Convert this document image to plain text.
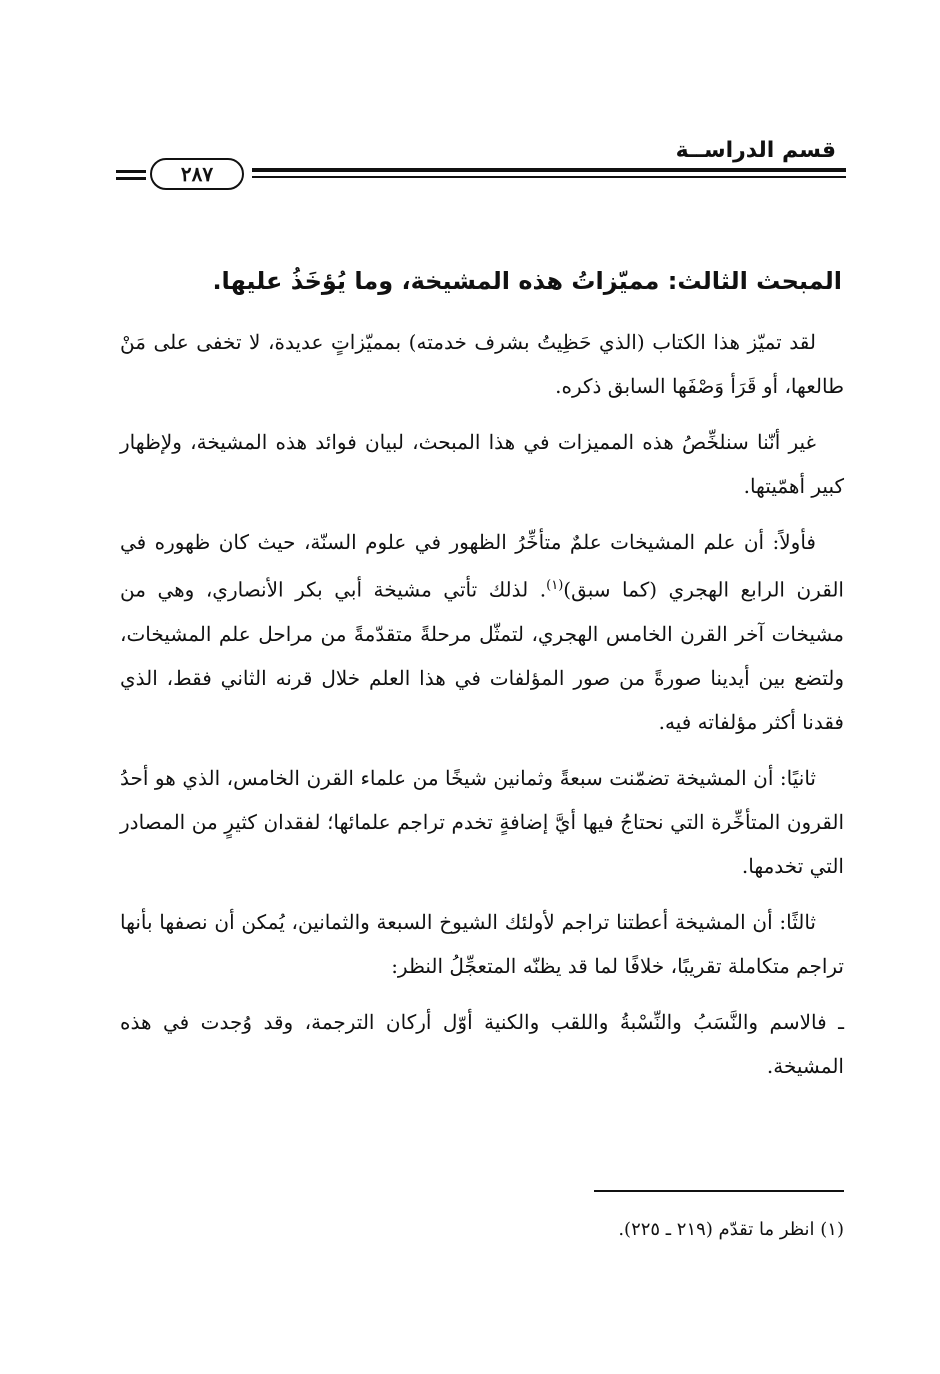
قسم الدراســة
٢٨٧
المبحث الثالث: مميّزاتُ هذه المشيخة، وما يُؤخَذُ عليها.

لقد تميّز هذا الكتاب (الذي حَظِيتُ بشرف خدمته) بمميّزاتٍ عديدة، لا تخفى على مَنْ طالعها، أو قَرَأ وَصْفَها السابق ذكره.

غير أنّنا سنلخِّصُ هذه المميزات في هذا المبحث، لبيان فوائد هذه المشيخة، ولإظهار كبير أهمّيتها.

فأولاً: أن علم المشيخات علمٌ متأخِّرُ الظهور في علوم السنّة، حيث كان ظهوره في القرن الرابع الهجري (كما سبق)$^{(١)}$. لذلك تأتي مشيخة أبي بكر الأنصاري، وهي من مشيخات آخر القرن الخامس الهجري، لتمثّل مرحلةً متقدّمةً من مراحل علم المشيخات، ولتضع بين أيدينا صورةً من صور المؤلفات في هذا العلم خلال قرنه الثاني فقط، الذي فقدنا أكثر مؤلفاته فيه.

ثانيًا: أن المشيخة تضمّنت سبعةً وثمانين شيخًا من علماء القرن الخامس، الذي هو أحدُ القرون المتأخِّرة التي نحتاجُ فيها أيَّ إضافةٍ تخدم تراجم علمائها؛ لفقدان كثيرٍ من المصادر التي تخدمها.

ثالثًا: أن المشيخة أعطتنا تراجم لأولئك الشيوخ السبعة والثمانين، يُمكن أن نصفها بأنها تراجم متكاملة تقريبًا، خلافًا لما قد يظنّه المتعجِّلُ النظر:

ـ فالاسم والنَّسَبُ والنِّسْبةُ واللقب والكنية أوّل أركان الترجمة، وقد وُجدت في هذه المشيخة.

(١) انظر ما تقدّم (٢١٩ ـ ٢٢٥).
